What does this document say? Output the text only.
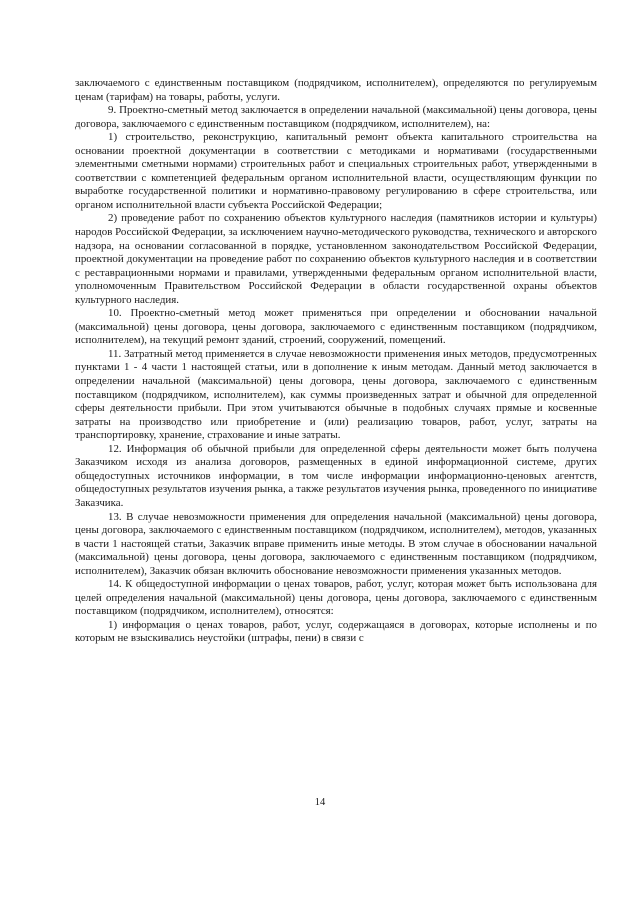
заключаемого с единственным поставщиком (подрядчиком, исполнителем), определяются по регулируемым ценам (тарифам) на товары, работы, услуги.

9. Проектно-сметный метод заключается в определении начальной (максимальной) цены договора, цены договора, заключаемого с единственным поставщиком (подрядчиком, исполнителем), на:

1) строительство, реконструкцию, капитальный ремонт объекта капитального строительства на основании проектной документации в соответствии с методиками и нормативами (государственными элементными сметными нормами) строительных работ и специальных строительных работ, утвержденными в соответствии с компетенцией федеральным органом исполнительной власти, осуществляющим функции по выработке государственной политики и нормативно-правовому регулированию в сфере строительства, или органом исполнительной власти субъекта Российской Федерации;

2) проведение работ по сохранению объектов культурного наследия (памятников истории и культуры) народов Российской Федерации, за исключением научно-методического руководства, технического и авторского надзора, на основании согласованной в порядке, установленном законодательством Российской Федерации, проектной документации на проведение работ по сохранению объектов культурного наследия и в соответствии с реставрационными нормами и правилами, утвержденными федеральным органом исполнительной власти, уполномоченным Правительством Российской Федерации в области государственной охраны объектов культурного наследия.

10. Проектно-сметный метод может применяться при определении и обосновании начальной (максимальной) цены договора, цены договора, заключаемого с единственным поставщиком (подрядчиком, исполнителем), на текущий ремонт зданий, строений, сооружений, помещений.

11. Затратный метод применяется в случае невозможности применения иных методов, предусмотренных пунктами 1 - 4 части 1 настоящей статьи, или в дополнение к иным методам. Данный метод заключается в определении начальной (максимальной) цены договора, цены договора, заключаемого с единственным поставщиком (подрядчиком, исполнителем), как суммы произведенных затрат и обычной для определенной сферы деятельности прибыли. При этом учитываются обычные в подобных случаях прямые и косвенные затраты на производство или приобретение и (или) реализацию товаров, работ, услуг, затраты на транспортировку, хранение, страхование и иные затраты.

12. Информация об обычной прибыли для определенной сферы деятельности может быть получена Заказчиком исходя из анализа договоров, размещенных в единой информационной системе, других общедоступных источников информации, в том числе информации информационно-ценовых агентств, общедоступных результатов изучения рынка, а также результатов изучения рынка, проведенного по инициативе Заказчика.

13. В случае невозможности применения для определения начальной (максимальной) цены договора, цены договора, заключаемого с единственным поставщиком (подрядчиком, исполнителем), методов, указанных в части 1 настоящей статьи, Заказчик вправе применить иные методы. В этом случае в обосновании начальной (максимальной) цены договора, цены договора, заключаемого с единственным поставщиком (подрядчиком, исполнителем), Заказчик обязан включить обоснование невозможности применения указанных методов.

14. К общедоступной информации о ценах товаров, работ, услуг, которая может быть использована для целей определения начальной (максимальной) цены договора, цены договора, заключаемого с единственным поставщиком (подрядчиком, исполнителем), относятся:

1) информация о ценах товаров, работ, услуг, содержащаяся в договорах, которые исполнены и по которым не взыскивались неустойки (штрафы, пени) в связи с

14
